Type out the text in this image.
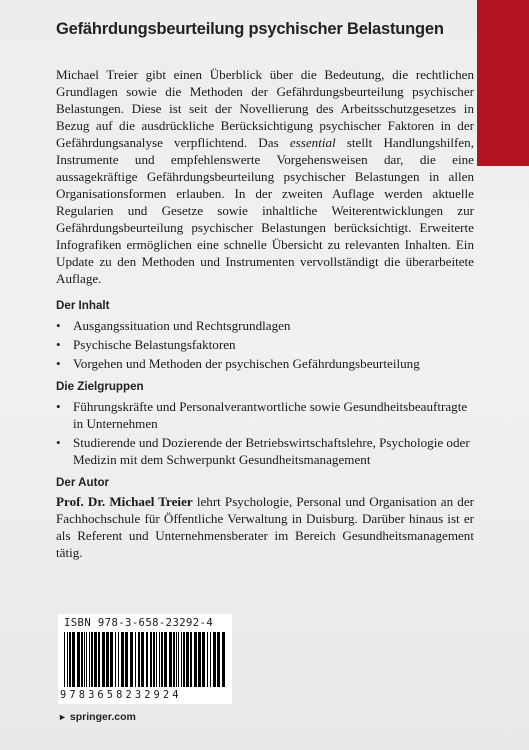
Gefährdungsbeurteilung psychischer Belastungen

Michael Treier gibt einen Überblick über die Bedeutung, die rechtlichen Grundlagen sowie die Methoden der Gefährdungsbeurteilung psychischer Belastungen. Diese ist seit der Novellierung des Arbeitsschutzgesetzes in Bezug auf die ausdrückliche Berücksichtigung psychischer Faktoren in der Gefährdungsanalyse verpflichtend. Das essential stellt Handlungshilfen, Instrumente und empfehlenswerte Vorgehensweisen dar, die eine aussagekräftige Gefährdungsbeurteilung psychischer Belastungen in allen Organisationsformen erlauben. In der zweiten Auflage werden aktuelle Regularien und Gesetze sowie inhaltliche Weiterentwicklungen zur Gefährdungsbeurteilung psychischer Belastungen berücksichtigt. Erweiterte Infografiken ermöglichen eine schnelle Übersicht zu relevanten Inhalten. Ein Update zu den Methoden und Instrumenten vervollständigt die überarbeitete Auflage.

Der Inhalt

• Ausgangssituation und Rechtsgrundlagen
• Psychische Belastungsfaktoren
• Vorgehen und Methoden der psychischen Gefährdungsbeurteilung

Die Zielgruppen

• Führungskräfte und Personalverantwortliche sowie Gesundheitsbeauftragte in Unternehmen
• Studierende und Dozierende der Betriebswirtschaftslehre, Psychologie oder Medizin mit dem Schwerpunkt Gesundheitsmanagement

Der Autor

Prof. Dr. Michael Treier lehrt Psychologie, Personal und Organisation an der Fachhochschule für Öffentliche Verwaltung in Duisburg. Darüber hinaus ist er als Referent und Unternehmensberater im Bereich Gesundheitsmanagement tätig.

ISBN 978-3-658-23292-4
9783658232924
► springer.com
